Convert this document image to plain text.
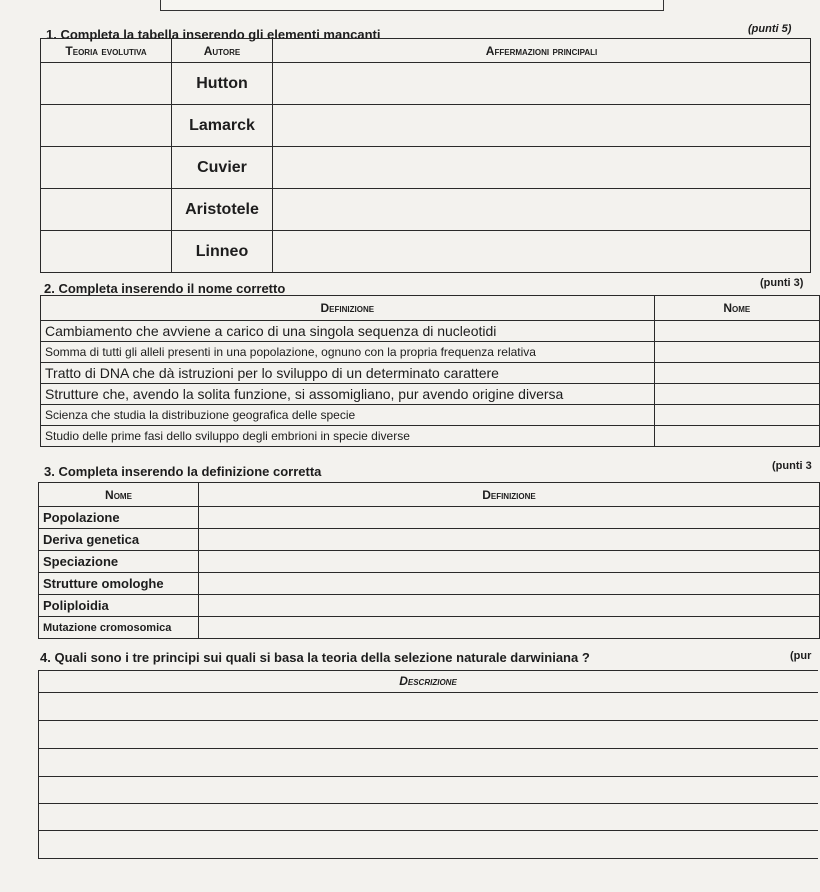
1. Completa la tabella inserendo gli elementi mancanti	(punti 5)
Teoria evolutiva	Autore	Affermazioni principali
	Hutton	
	Lamarck	
	Cuvier	
	Aristotele	
	Linneo	
2. Completa inserendo il nome corretto	(punti 3)
Definizione	Nome
Cambiamento che avviene a carico di una singola sequenza di nucleotidi	
Somma di tutti gli alleli presenti in una popolazione, ognuno con la propria frequenza relativa	
Tratto di DNA che dà istruzioni per lo sviluppo di un determinato carattere	
Strutture che, avendo la solita funzione, si assomigliano, pur avendo origine diversa	
Scienza che studia la distribuzione geografica delle specie	
Studio delle prime fasi dello sviluppo degli embrioni in specie diverse	
3. Completa inserendo la definizione corretta	(punti 3
Nome	Definizione
Popolazione	
Deriva genetica	
Speciazione	
Strutture omologhe	
Poliploidia	
Mutazione cromosomica	
4. Quali sono i tre principi sui quali si basa la teoria della selezione naturale darwiniana ?	(pur
Descrizione
